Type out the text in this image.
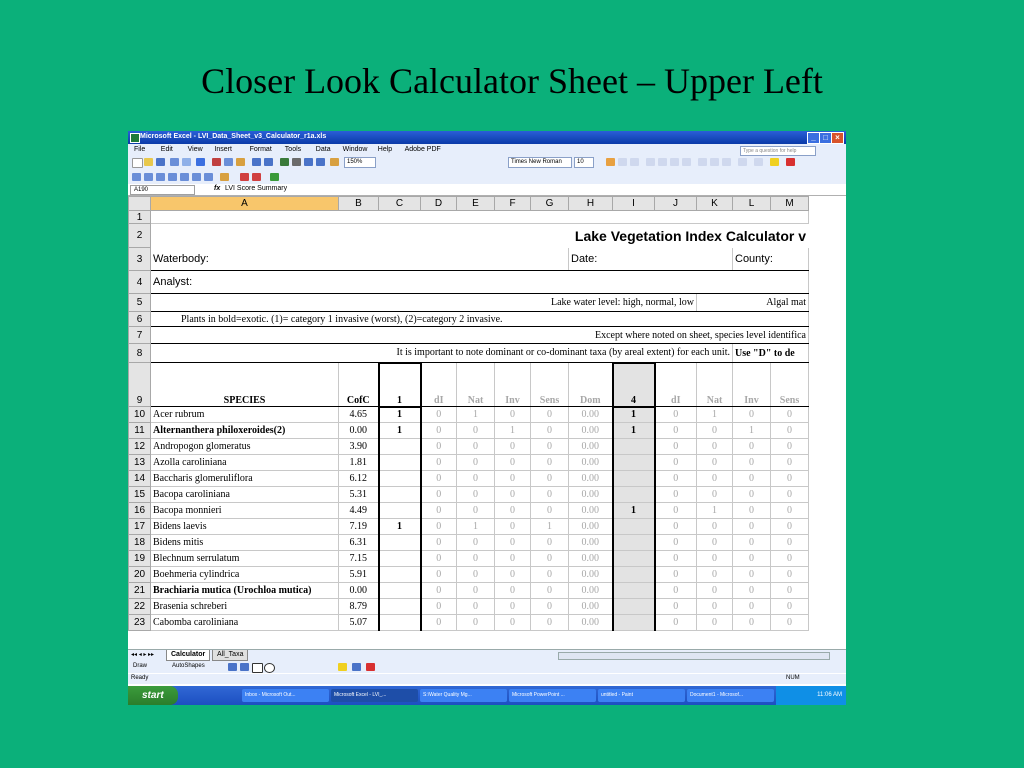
Closer Look Calculator Sheet – Upper Left
Microsoft Excel - LVI_Data_Sheet_v3_Calculator_r1a.xls	_ □ ×
File Edit View Insert	Format Tools Data Window Help Adobe PDF
150%	Times New Roman	10
Type a question for help
A190	fx LVI Score Summary
	A	B	C	D	E	F	G	H	I	J	K	L	M
1													
2	Lake Vegetation Index Calculator v												
3	Waterbody:							Date:				County:	
4	Analyst:												
5	Lake water level: high, normal, low										Algal mat		
6	Plants in bold=exotic. (1)= category 1 invasive (worst), (2)=category 2 invasive.												
7	Except where noted on sheet, species level identifica												
8	It is important to note dominant or co-dominant taxa (by areal extent) for each unit.											Use "D" to de	
9	SPECIES	CofC	1	dI	Nat	Inv	Sens	Dom	4	dI	Nat	Inv	Sens
10	Acer rubrum	4.65	1	0	1	0	0	0.00	1	0	1	0	0
11	Alternanthera philoxeroides(2)	0.00	1	0	0	1	0	0.00	1	0	0	1	0
12	Andropogon glomeratus	3.90		0	0	0	0	0.00		0	0	0	0
13	Azolla caroliniana	1.81		0	0	0	0	0.00		0	0	0	0
14	Baccharis glomeruliflora	6.12		0	0	0	0	0.00		0	0	0	0
15	Bacopa caroliniana	5.31		0	0	0	0	0.00		0	0	0	0
16	Bacopa monnieri	4.49		0	0	0	0	0.00	1	0	1	0	0
17	Bidens laevis	7.19	1	0	1	0	1	0.00		0	0	0	0
18	Bidens mitis	6.31		0	0	0	0	0.00		0	0	0	0
19	Blechnum serrulatum	7.15		0	0	0	0	0.00		0	0	0	0
20	Boehmeria cylindrica	5.91		0	0	0	0	0.00		0	0	0	0
21	Brachiaria mutica (Urochloa mutica)	0.00		0	0	0	0	0.00		0	0	0	0
22	Brasenia schreberi	8.79		0	0	0	0	0.00		0	0	0	0
23	Cabomba caroliniana	5.07		0	0	0	0	0.00		0	0	0	0
◂◂ ◂ ▸ ▸▸	Calculator	All_Taxa
Draw	AutoShapes
Ready	NUM
start	Inbox - Microsoft Out...	Microsoft Excel - LVI_...	S:\Water Quality Mg...	Microsoft PowerPoint ...	untitled - Paint	Document1 - Microsof...	11:06 AM
